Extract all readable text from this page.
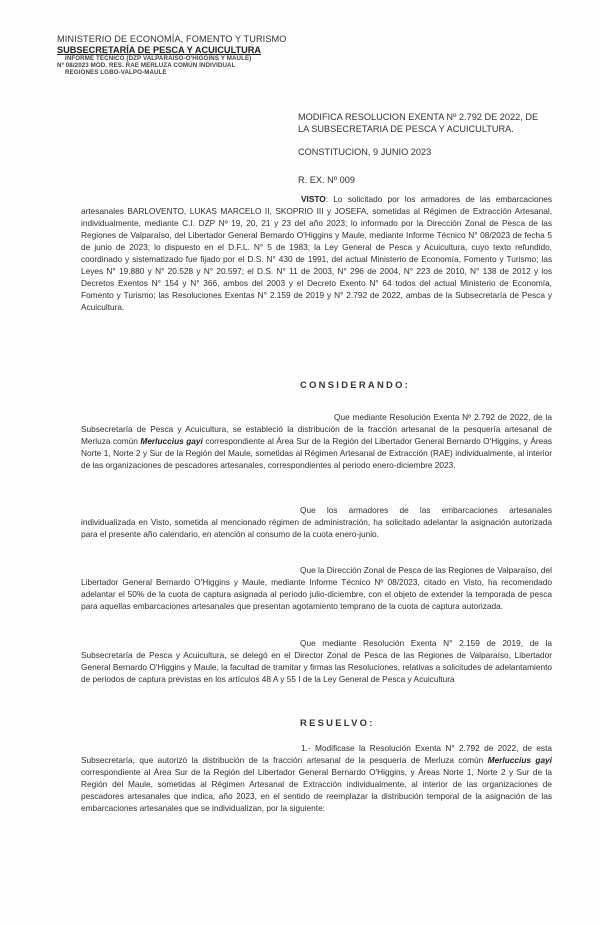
MINISTERIO DE ECONOMÍA, FOMENTO Y TURISMO
SUBSECRETARÍA DE PESCA Y ACUICULTURA
INFORME TÉCNICO (DZP VALPARAÍSO-O'HIGGINS Y MAULE)
Nº 08/2023 MOD. RES. RAE MERLUZA COMÚN INDIVIDUAL
REGIONES LGBO-VALPO-MAULE
MODIFICA RESOLUCION EXENTA Nº 2.792 DE 2022, DE LA SUBSECRETARIA DE PESCA Y ACUICULTURA.
CONSTITUCION, 9 JUNIO 2023
R. EX. Nº 009
VISTO: Lo solicitado por los armadores de las embarcaciones artesanales BARLOVENTO, LUKAS MARCELO II, SKOPRIO III y JOSEFA, sometidas al Régimen de Extracción Artesanal, individualmente, mediante C.I. DZP Nº 19, 20, 21 y 23 del año 2023; lo informado por la Dirección Zonal de Pesca de las Regiones de Valparaíso, del Libertador General Bernardo O'Higgins y Maule, mediante Informe Técnico N° 08/2023 de fecha 5 de junio de 2023; lo dispuesto en el D.F.L. N° 5 de 1983; la Ley General de Pesca y Acuicultura, cuyo texto refundido, coordinado y sistematizado fue fijado por el D.S. N° 430 de 1991, del actual Ministerio de Economía, Fomento y Turismo; las Leyes N° 19.880 y N° 20.528 y N° 20.597; el D.S. N° 11 de 2003, N° 296 de 2004, N° 223 de 2010, N° 138 de 2012 y los Decretos Exentos N° 154 y N° 366, ambos del 2003 y el Decreto Exento N° 64 todos del actual Ministerio de Economía, Fomento y Turismo; las Resoluciones Exentas N° 2.159 de 2019 y N° 2.792 de 2022, ambas de la Subsecretaría de Pesca y Acuicultura.
CONSIDERANDO:
Que mediante Resolución Exenta Nº 2.792 de 2022, de la Subsecretaría de Pesca y Acuicultura, se estableció la distribución de la fracción artesanal de la pesquería artesanal de Merluza común Merluccius gayi correspondiente al Área Sur de la Región del Libertador General Bernardo O'Higgins, y Áreas Norte 1, Norte 2 y Sur de la Región del Maule, sometidas al Régimen Artesanal de Extracción (RAE) individualmente, al interior de las organizaciones de pescadores artesanales, correspondientes al periodo enero-diciembre 2023.
Que los armadores de las embarcaciones artesanales individualizada en Visto, sometida al mencionado régimen de administración, ha solicitado adelantar la asignación autorizada para el presente año calendario, en atención al consumo de la cuota enero-junio.
Que la Dirección Zonal de Pesca de las Regiones de Valparaíso, del Libertador General Bernardo O'Higgins y Maule, mediante Informe Técnico Nº 08/2023, citado en Visto, ha recomendado adelantar el 50% de la cuota de captura asignada al periodo julio-diciembre, con el objeto de extender la temporada de pesca para aquellas embarcaciones artesanales que presentan agotamiento temprano de la cuota de captura autorizada.
Que mediante Resolución Exenta N° 2.159 de 2019, de la Subsecretaría de Pesca y Acuicultura, se delegó en el Director Zonal de Pesca de las Regiones de Valparaíso, Libertador General Bernardo O'Higgins y Maule, la facultad de tramitar y firmas las Resoluciones, relativas a solicitudes de adelantamiento de periodos de captura previstas en los artículos 48 A y 55 I de la Ley General de Pesca y Acuicultura
RESUELVO:
1.- Modificase la Resolución Exenta N° 2.792 de 2022, de esta Subsecretaría, que autorizó la distribución de la fracción artesanal de la pesquería de Merluza común Merluccius gayi correspondiente al Área Sur de la Región del Libertador General Bernardo O'Higgins, y Áreas Norte 1, Norte 2 y Sur de la Región del Maule, sometidas al Régimen Artesanal de Extracción individualmente, al interior de las organizaciones de pescadores artesanales que indica, año 2023, en el sentido de reemplazar la distribución temporal de la asignación de las embarcaciones artesanales que se individualizan, por la siguiente:
